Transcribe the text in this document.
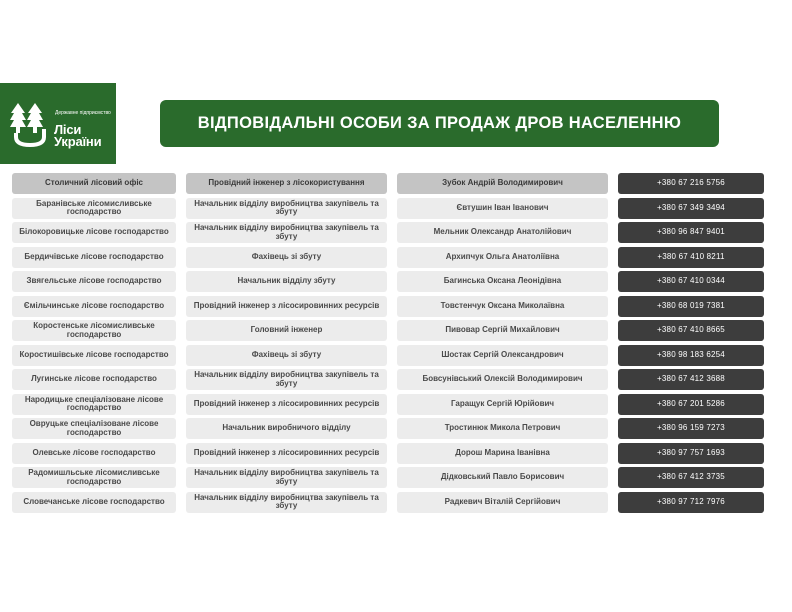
Державне підприємство
Ліси
України
ВІДПОВІДАЛЬНІ ОСОБИ ЗА ПРОДАЖ ДРОВ НАСЕЛЕННЮ
Столичний лісовий офіс
Баранівське лісомисливське господарство
Білокоровицьке лісове господарство
Бердичівське лісове господарство
Звягельське лісове господарство
Ємільчинське лісове господарство
Коростенське лісомисливське господарство
Коростишівське лісове господарство
Лугинське лісове господарство
Народицьке спеціалізоване лісове господарство
Овруцьке спеціалізоване лісове господарство
Олевське лісове господарство
Радомишльське лісомисливське господарство
Словечанське лісове господарство
Провідний інженер з лісокористування
Начальник відділу виробництва закупівель та збуту
Начальник відділу виробництва закупівель та збуту
Фахівець зі збуту
Начальник відділу збуту
Провідний інженер з лісосировинних ресурсів
Головний інженер
Фахівець зі збуту
Начальник відділу виробництва закупівель та збуту
Провідний інженер з лісосировинних ресурсів
Начальник виробничого відділу
Провідний інженер з лісосировинних ресурсів
Начальник відділу виробництва закупівель та збуту
Начальник відділу виробництва закупівель та збуту
Зубок Андрій Володимирович
Євтушин Іван Іванович
Мельник Олександр Анатолійович
Архипчук Ольга Анатоліївна
Багинська Оксана Леонідівна
Товстенчук Оксана Миколаївна
Пивовар Сергій Михайлович
Шостак Сергій Олександрович
Бовсунівський Олексій Володимирович
Гаращук Сергій Юрійович
Тростинюк Микола Петрович
Дорош Марина Іванівна
Дідковський Павло Борисович
Радкевич Віталій Сергійович
+380 67 216 5756
+380 67 349 3494
+380 96 847 9401
+380 67 410 8211
+380 67 410 0344
+380 68 019 7381
+380 67 410 8665
+380 98 183 6254
+380 67 412 3688
+380 67 201 5286
+380 96 159 7273
+380 97 757 1693
+380 67 412 3735
+380 97 712 7976
